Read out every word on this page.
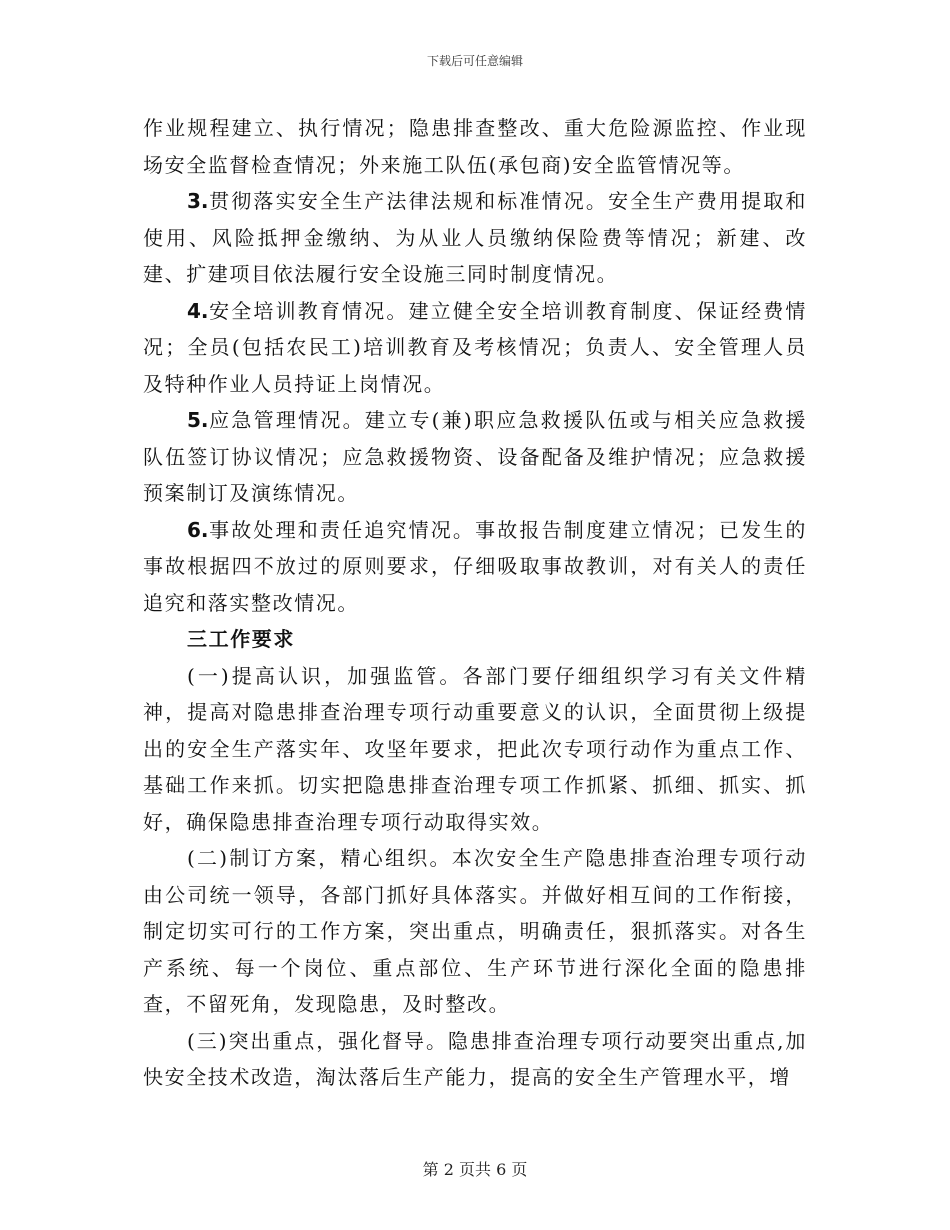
下载后可任意编辑

作业规程建立、执行情况；隐患排查整改、重大危险源监控、作业现场安全监督检查情况；外来施工队伍(承包商)安全监管情况等。

3.贯彻落实安全生产法律法规和标准情况。安全生产费用提取和使用、风险抵押金缴纳、为从业人员缴纳保险费等情况；新建、改建、扩建项目依法履行安全设施三同时制度情况。

4.安全培训教育情况。建立健全安全培训教育制度、保证经费情况；全员(包括农民工)培训教育及考核情况；负责人、安全管理人员及特种作业人员持证上岗情况。

5.应急管理情况。建立专(兼)职应急救援队伍或与相关应急救援队伍签订协议情况；应急救援物资、设备配备及维护情况；应急救援预案制订及演练情况。

6.事故处理和责任追究情况。事故报告制度建立情况；已发生的事故根据四不放过的原则要求，仔细吸取事故教训，对有关人的责任追究和落实整改情况。

三工作要求

(一)提高认识，加强监管。各部门要仔细组织学习有关文件精神，提高对隐患排查治理专项行动重要意义的认识，全面贯彻上级提出的安全生产落实年、攻坚年要求，把此次专项行动作为重点工作、基础工作来抓。切实把隐患排查治理专项工作抓紧、抓细、抓实、抓好，确保隐患排查治理专项行动取得实效。

(二)制订方案，精心组织。本次安全生产隐患排查治理专项行动由公司统一领导，各部门抓好具体落实。并做好相互间的工作衔接，制定切实可行的工作方案，突出重点，明确责任，狠抓落实。对各生产系统、每一个岗位、重点部位、生产环节进行深化全面的隐患排查，不留死角，发现隐患，及时整改。

(三)突出重点，强化督导。隐患排查治理专项行动要突出重点,加快安全技术改造，淘汰落后生产能力，提高的安全生产管理水平，增

第 2 页共 6 页
